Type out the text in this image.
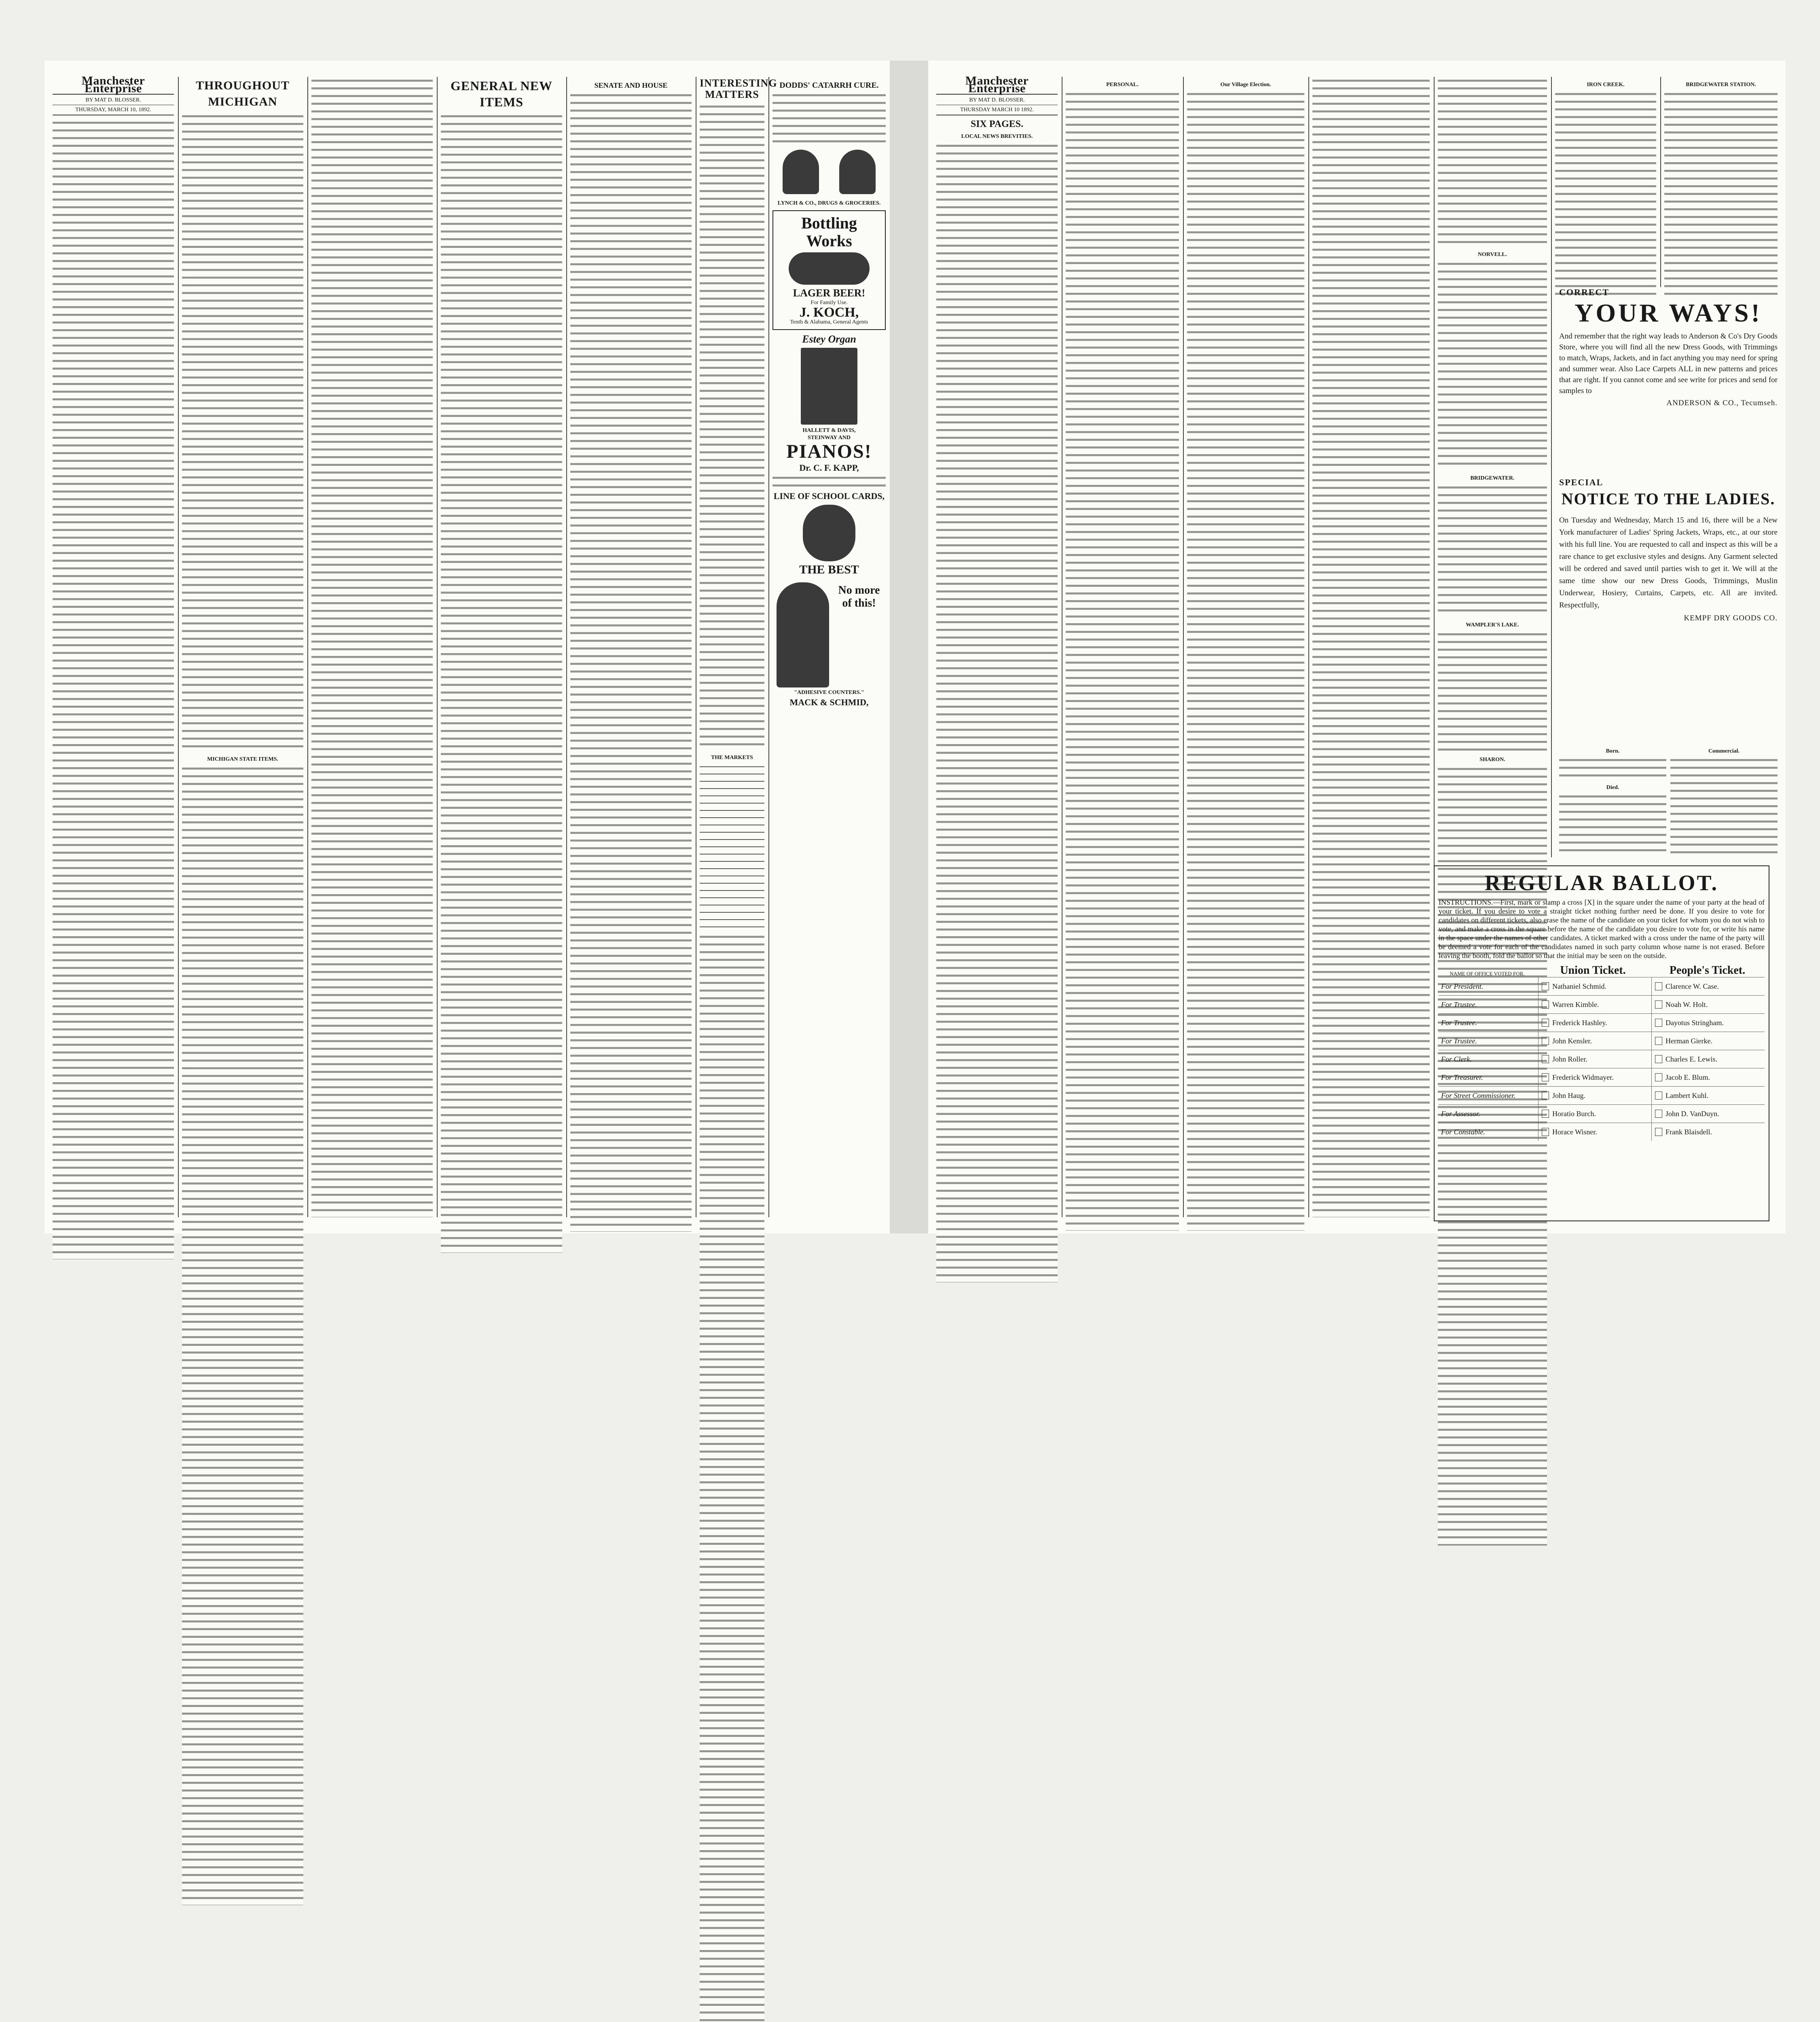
Manchester Enterprise
BY MAT D. BLOSSER.
THURSDAY, MARCH 10, 1892.
THROUGHOUT MICHIGAN
MICHIGAN STATE ITEMS.
GENERAL NEW ITEMS
SENATE AND HOUSE	INTERESTING MATTERS
THE MARKETS
DODDS' CATARRH CURE.
LYNCH & CO., DRUGS & GROCERIES.
Bottling Works
LAGER BEER!
For Family Use.
J. KOCH,
Tenth & Alabama, General Agents
Estey Organ
HALLETT & DAVIS,
STEINWAY AND
PIANOS!
Dr. C. F. KAPP,
LINE OF SCHOOL CARDS,
THE BEST
No more of this!
"ADHESIVE COUNTERS."
MACK & SCHMID,
Manchester Enterprise
BY MAT D. BLOSSER.
THURSDAY MARCH 10 1892.
SIX PAGES.
LOCAL NEWS BREVITIES.
PERSONAL.	Our Village Election.
NORVELL.
BRIDGEWATER.
WAMPLER'S LAKE.
SHARON.
IRON CREEK.	BRIDGEWATER STATION.
CORRECT
YOUR WAYS!
And remember that the right way leads to Anderson & Co's Dry Goods Store, where you will find all the new Dress Goods, with Trimmings to match, Wraps, Jackets, and in fact anything you may need for spring and summer wear. Also Lace Carpets ALL in new patterns and prices that are right. If you cannot come and see write for prices and send for samples to
ANDERSON & CO., Tecumseh.
SPECIAL
NOTICE TO THE LADIES.
On Tuesday and Wednesday, March 15 and 16, there will be a New York manufacturer of Ladies' Spring Jackets, Wraps, etc., at our store with his full line. You are requested to call and inspect as this will be a rare chance to get exclusive styles and designs. Any Garment selected will be ordered and saved until parties wish to get it. We will at the same time show our new Dress Goods, Trimmings, Muslin Underwear, Hosiery, Curtains, Carpets, etc. All are invited. Respectfully,
KEMPF DRY GOODS CO.
Born.
Died.
Commercial.
REGULAR BALLOT.
INSTRUCTIONS.—First, mark or stamp a cross [X] in the square under the name of your party at the head of your ticket. If you desire to vote a straight ticket nothing further need be done. If you desire to vote for candidates on different tickets, also erase the name of the candidate on your ticket for whom you do not wish to vote, and make a cross in the square before the name of the candidate you desire to vote for, or write his name in the space under the names of other candidates. A ticket marked with a cross under the name of the party will be deemed a vote for each of the candidates named in such party column whose name is not erased. Before leaving the booth, fold the ballot so that the initial may be seen on the outside.
NAME OF OFFICE VOTED FOR.	Union Ticket.	People's Ticket.
For President.	Nathaniel Schmid.	Clarence W. Case.
For Trustee.	Warren Kimble.	Noah W. Holt.
For Trustee.	Frederick Hashley.	Dayotus Stringham.
For Trustee.	John Kensler.	Herman Gierke.
For Clerk.	John Roller.	Charles E. Lewis.
For Treasurer.	Frederick Widmayer.	Jacob E. Blum.
For Street Commissioner.	John Haug.	Lambert Kuhl.
For Assessor.	Horatio Burch.	John D. VanDuyn.
For Constable.	Horace Wisner.	Frank Blaisdell.
